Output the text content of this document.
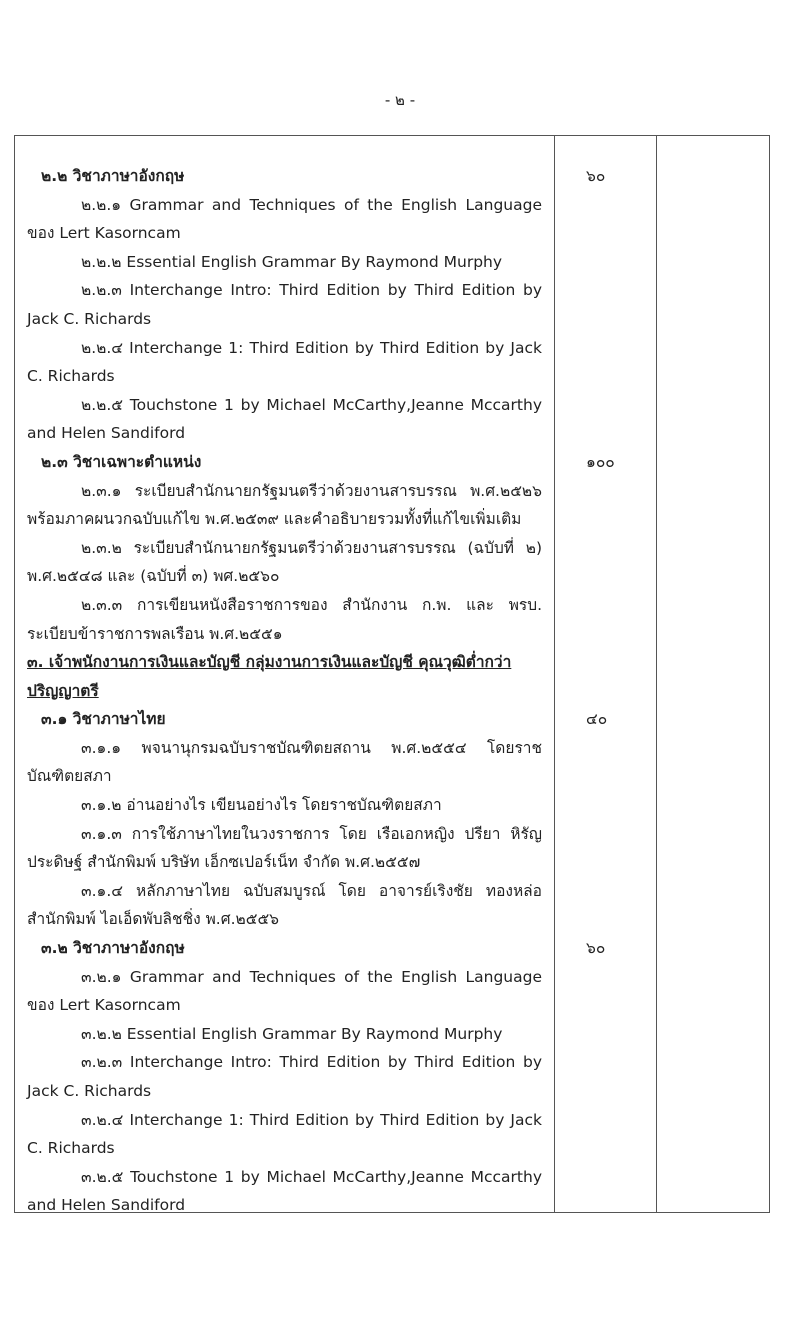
- ๒ -
๒.๒ วิชาภาษาอังกฤษ
๒.๒.๑ Grammar and Techniques of the English Language ของ Lert Kasorncam
๒.๒.๒ Essential English Grammar By Raymond Murphy
๒.๒.๓ Interchange Intro: Third Edition by Third Edition by Jack C. Richards
๒.๒.๔ Interchange 1: Third Edition by Third Edition by Jack C. Richards
๒.๒.๕ Touchstone 1 by Michael McCarthy,Jeanne Mccarthy and Helen Sandiford
๖๐
๒.๓ วิชาเฉพาะตำแหน่ง
๒.๓.๑ ระเบียบสำนักนายกรัฐมนตรีว่าด้วยงานสารบรรณ พ.ศ.๒๕๒๖ พร้อมภาคผนวกฉบับแก้ไข พ.ศ.๒๕๓๙ และคำอธิบายรวมทั้งที่แก้ไขเพิ่มเติม
๒.๓.๒ ระเบียบสำนักนายกรัฐมนตรีว่าด้วยงานสารบรรณ (ฉบับที่ ๒) พ.ศ.๒๕๔๘ และ (ฉบับที่ ๓) พศ.๒๕๖๐
๒.๓.๓ การเขียนหนังสือราชการของ สำนักงาน ก.พ. และ พรบ. ระเบียบข้าราชการพลเรือน พ.ศ.๒๕๕๑
๑๐๐
๓. เจ้าพนักงานการเงินและบัญชี กลุ่มงานการเงินและบัญชี คุณวุฒิต่ำกว่าปริญญาตรี
๓.๑ วิชาภาษาไทย
๓.๑.๑ พจนานุกรมฉบับราชบัณฑิตยสถาน พ.ศ.๒๕๕๔ โดยราชบัณฑิตยสภา
๓.๑.๒ อ่านอย่างไร เขียนอย่างไร โดยราชบัณฑิตยสภา
๓.๑.๓ การใช้ภาษาไทยในวงราชการ โดย เรือเอกหญิง ปรียา หิรัญประดิษฐ์ สำนักพิมพ์ บริษัท เอ็กซเปอร์เน็ท จำกัด พ.ศ.๒๕๕๗
๓.๑.๔ หลักภาษาไทย ฉบับสมบูรณ์ โดย อาจารย์เริงชัย ทองหล่อ สำนักพิมพ์ ไอเอ็ดพับลิชชิ่ง พ.ศ.๒๕๕๖
๔๐
๓.๒ วิชาภาษาอังกฤษ
๓.๒.๑ Grammar and Techniques of the English Language ของ Lert Kasorncam
๓.๒.๒ Essential English Grammar By Raymond Murphy
๓.๒.๓ Interchange Intro: Third Edition by Third Edition by Jack C. Richards
๓.๒.๔ Interchange 1: Third Edition by Third Edition by Jack C. Richards
๓.๒.๕ Touchstone 1 by Michael McCarthy,Jeanne Mccarthy and Helen Sandiford
๖๐
